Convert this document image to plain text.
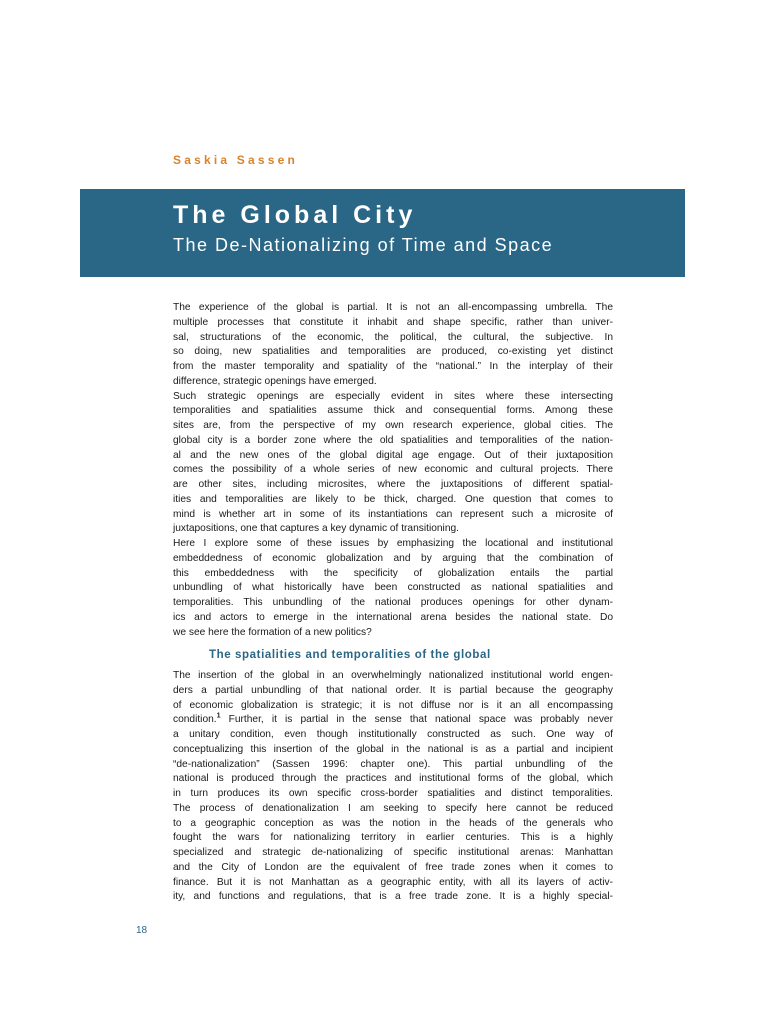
Saskia Sassen
The Global City
The De-Nationalizing of Time and Space

The experience of the global is partial. It is not an all-encompassing umbrella. The
multiple processes that constitute it inhabit and shape specific, rather than univer-
sal, structurations of the economic, the political, the cultural, the subjective. In
so doing, new spatialities and temporalities are produced, co-existing yet distinct
from the master temporality and spatiality of the “national.” In the interplay of their
difference, strategic openings have emerged.

Such strategic openings are especially evident in sites where these intersecting
temporalities and spatialities assume thick and consequential forms. Among these
sites are, from the perspective of my own research experience, global cities. The
global city is a border zone where the old spatialities and temporalities of the nation-
al and the new ones of the global digital age engage. Out of their juxtaposition
comes the possibility of a whole series of new economic and cultural projects. There
are other sites, including microsites, where the juxtapositions of different spatial-
ities and temporalities are likely to be thick, charged. One question that comes to
mind is whether art in some of its instantiations can represent such a microsite of
juxtapositions, one that captures a key dynamic of transitioning.

Here I explore some of these issues by emphasizing the locational and institutional
embeddedness of economic globalization and by arguing that the combination of
this embeddedness with the specificity of globalization entails the partial
unbundling of what historically have been constructed as national spatialities and
temporalities. This unbundling of the national produces openings for other dynam-
ics and actors to emerge in the international arena besides the national state. Do
we see here the formation of a new politics?

The spatialities and temporalities of the global
The insertion of the global in an overwhelmingly nationalized institutional world engen-
ders a partial unbundling of that national order. It is partial because the geography
of economic globalization is strategic; it is not diffuse nor is it an all encompassing
condition.$^1$ Further, it is partial in the sense that national space was probably never
a unitary condition, even though institutionally constructed as such. One way of
conceptualizing this insertion of the global in the national is as a partial and incipient
“de-nationalization” (Sassen 1996: chapter one). This partial unbundling of the
national is produced through the practices and institutional forms of the global, which
in turn produces its own specific cross-border spatialities and distinct temporalities.
The process of denationalization I am seeking to specify here cannot be reduced
to a geographic conception as was the notion in the heads of the generals who
fought the wars for nationalizing territory in earlier centuries. This is a highly
specialized and strategic de-nationalizing of specific institutional arenas: Manhattan
and the City of London are the equivalent of free trade zones when it comes to
finance. But it is not Manhattan as a geographic entity, with all its layers of activ-
ity, and functions and regulations, that is a free trade zone. It is a highly special-
18
